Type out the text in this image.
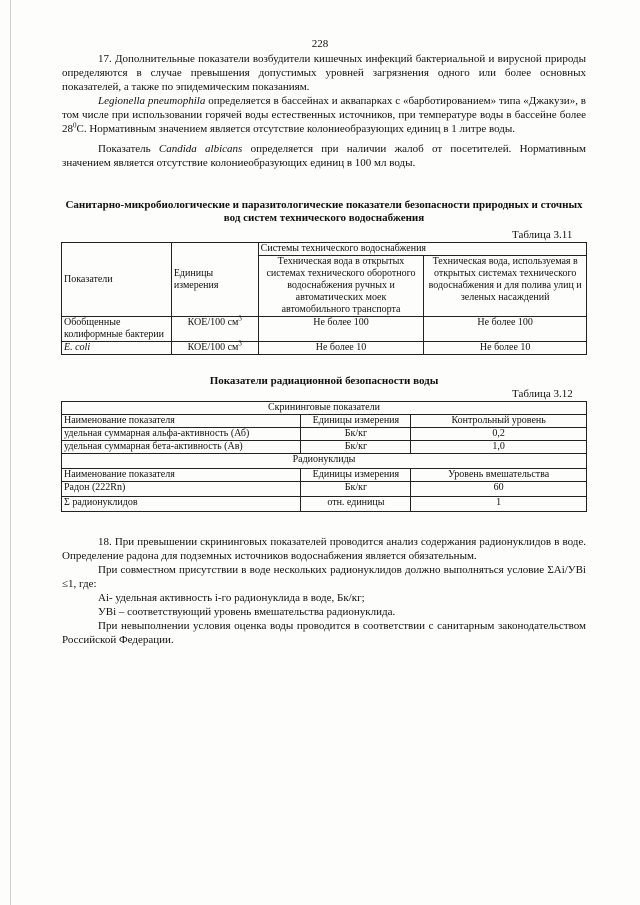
228

17. Дополнительные показатели возбудители кишечных инфекций бактериальной и вирусной природы определяются в случае превышения допустимых уровней загрязнения одного или более основных показателей, а также по эпидемическим показаниям.

Legionella pneumophila определяется в бассейнах и аквапарках с «барботированием» типа «Джакузи», в том числе при использовании горячей воды естественных источников, при температуре воды в бассейне более $28^0С$. Нормативным значением является отсутствие колониеобразующих единиц в 1 литре воды.

Показатель Candida albicans определяется при наличии жалоб от посетителей. Нормативным значением является отсутствие колониеобразующих единиц в 100 мл воды.

Санитарно-микробиологические и паразитологические показатели безопасности природных и сточных вод систем технического водоснабжения
Таблица 3.11
Показатели	Единицы измерения	Системы технического водоснабжения	
		Техническая вода в открытых системах технического оборотного водоснабжения ручных и автоматических моек автомобильного транспорта	Техническая вода, используемая в открытых системах технического водоснабжения и для полива улиц и зеленых насаждений
Обобщенные колиформные бактерии	КОЕ/100 $см^3$	Не более 100	Не более 100
E. coli	КОЕ/100 $см^3$	Не более 10	Не более 10
Показатели радиационной безопасности воды
Таблица 3.12
Скрининговые показатели		
Наименование показателя	Единицы измерения	Контрольный уровень
удельная суммарная альфа-активность (Аб)	Бк/кг	0,2
удельная суммарная бета-активность (Ав)	Бк/кг	1,0
Радионуклиды		
Наименование показателя	Единицы измерения	Уровень вмешательства
Радон (222Rn)	Бк/кг	60
Σ радионуклидов	отн. единицы	1

18. При превышении скрининговых показателей проводится анализ содержания радионуклидов в воде. Определение радона для подземных источников водоснабжения является обязательным.

При совместном присутствии в воде нескольких радионуклидов должно выполняться условие ΣAi/УВi ≤1, где:

Ai- удельная активность i-го радионуклида в воде, Бк/кг;

УВi – соответствующий уровень вмешательства радионуклида.

При невыполнении условия оценка воды проводится в соответствии с санитарным законодательством Российской Федерации.
